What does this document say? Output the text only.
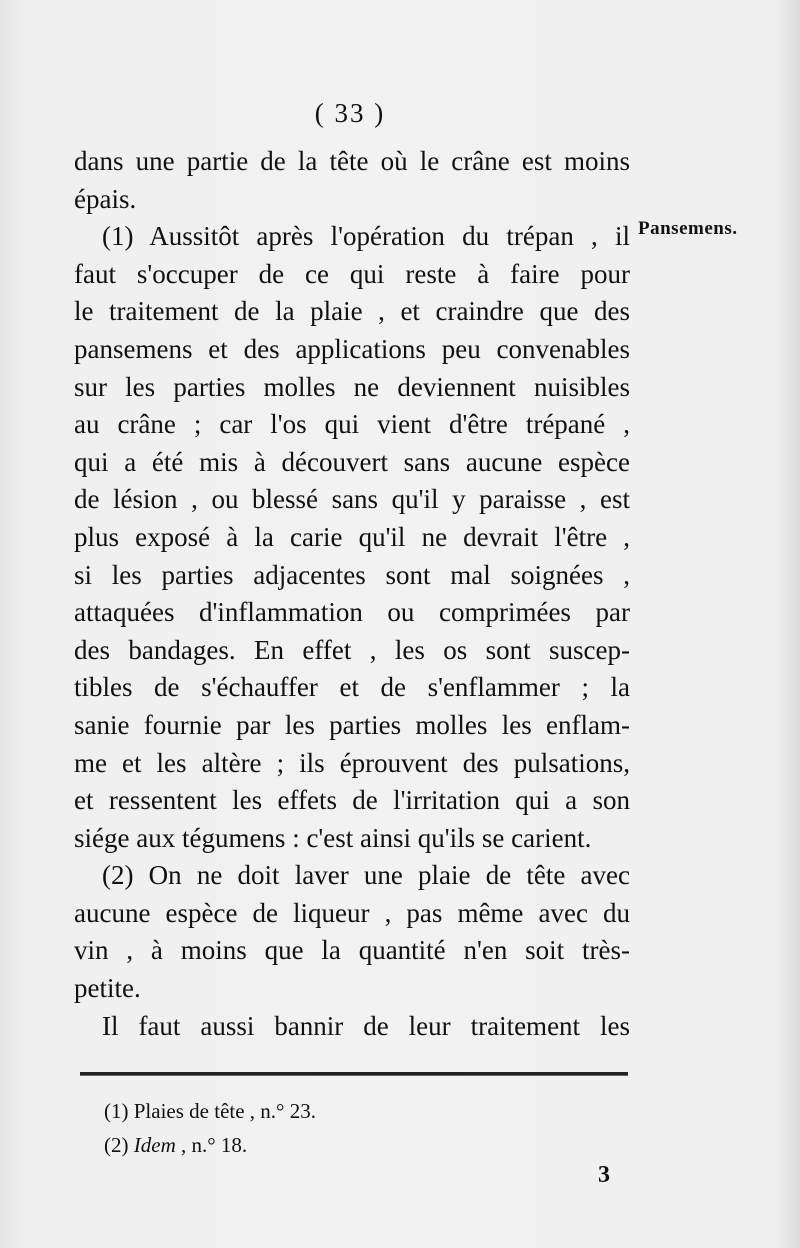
( 33 )
Pansemens.
dans une partie de la tête où le crâne est moins
épais.
(1) Aussitôt après l'opération du trépan , il
faut s'occuper de ce qui reste à faire pour
le traitement de la plaie , et craindre que des
pansemens et des applications peu convenables
sur les parties molles ne deviennent nuisibles
au crâne ; car l'os qui vient d'être trépané ,
qui a été mis à découvert sans aucune espèce
de lésion , ou blessé sans qu'il y paraisse , est
plus exposé à la carie qu'il ne devrait l'être ,
si les parties adjacentes sont mal soignées ,
attaquées d'inflammation ou comprimées par
des bandages. En effet , les os sont suscep-
tibles de s'échauffer et de s'enflammer ; la
sanie fournie par les parties molles les enflam-
me et les altère ; ils éprouvent des pulsations,
et ressentent les effets de l'irritation qui a son
siége aux tégumens : c'est ainsi qu'ils se carient.
(2) On ne doit laver une plaie de tête avec
aucune espèce de liqueur , pas même avec du
vin , à moins que la quantité n'en soit très-
petite.
Il faut aussi bannir de leur traitement les
(1) Plaies de tête , n.° 23.
(2) Idem , n.° 18.
3
